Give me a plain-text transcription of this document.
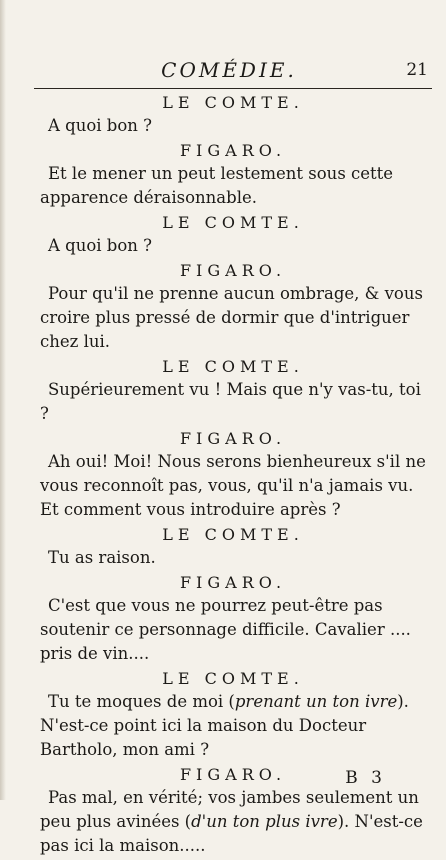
COMÉDIE.	21

LE COMTE.

A quoi bon ?

FIGARO.

Et le mener un peut lestement sous cette apparence déraisonnable.

LE COMTE.

A quoi bon ?

FIGARO.

Pour qu'il ne prenne aucun ombrage, & vous croire plus pressé de dormir que d'intriguer chez lui.

LE COMTE.

Supérieurement vu ! Mais que n'y vas-tu, toi ?

FIGARO.

Ah oui! Moi! Nous serons bienheureux s'il ne vous reconnoît pas, vous, qu'il n'a jamais vu. Et comment vous introduire après ?

LE COMTE.

Tu as raison.

FIGARO.

C'est que vous ne pourrez peut-être pas soutenir ce personnage difficile. Cavalier .... pris de vin....

LE COMTE.

Tu te moques de moi (prenant un ton ivre). N'est-ce point ici la maison du Docteur Bartholo, mon ami ?

FIGARO.

Pas mal, en vérité; vos jambes seulement un peu plus avinées (d'un ton plus ivre). N'est-ce pas ici la maison.....

B 3
